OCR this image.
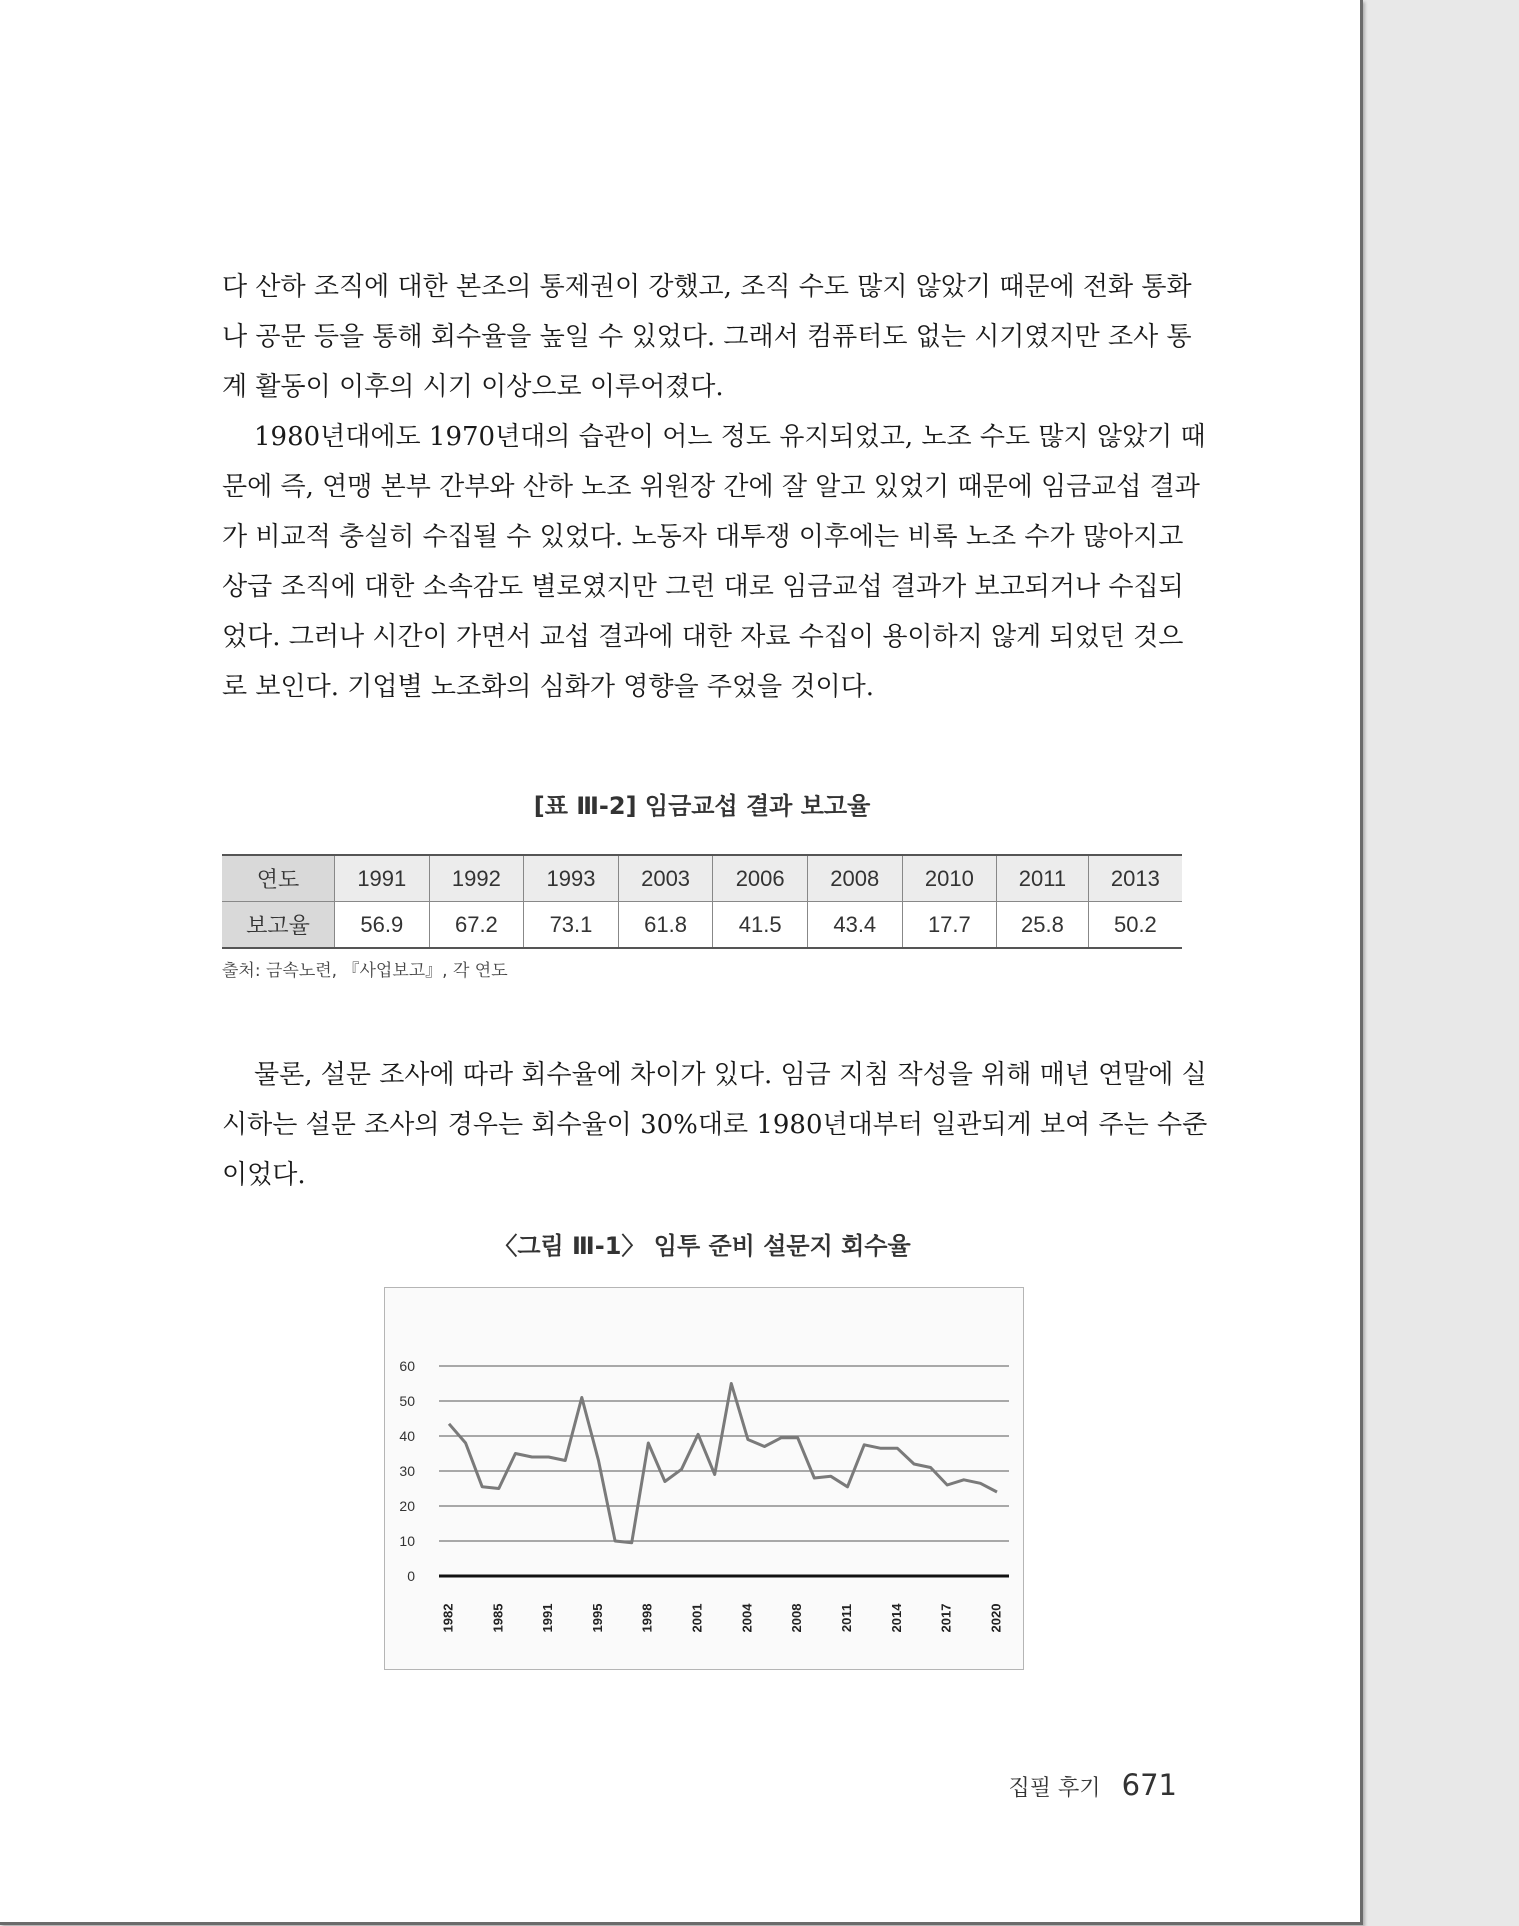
다 산하 조직에 대한 본조의 통제권이 강했고, 조직 수도 많지 않았기 때문에 전화 통화
나 공문 등을 통해 회수율을 높일 수 있었다. 그래서 컴퓨터도 없는 시기였지만 조사 통
계 활동이 이후의 시기 이상으로 이루어졌다.

1980년대에도 1970년대의 습관이 어느 정도 유지되었고, 노조 수도 많지 않았기 때
문에 즉, 연맹 본부 간부와 산하 노조 위원장 간에 잘 알고 있었기 때문에 임금교섭 결과
가 비교적 충실히 수집될 수 있었다. 노동자 대투쟁 이후에는 비록 노조 수가 많아지고
상급 조직에 대한 소속감도 별로였지만 그런 대로 임금교섭 결과가 보고되거나 수집되
었다. 그러나 시간이 가면서 교섭 결과에 대한 자료 수집이 용이하지 않게 되었던 것으
로 보인다. 기업별 노조화의 심화가 영향을 주었을 것이다.

[표 Ⅲ-2] 임금교섭 결과 보고율
연도	1991	1992	1993	2003	2006	2008	2010	2011	2013
보고율	56.9	67.2	73.1	61.8	41.5	43.4	17.7	25.8	50.2
출처: 금속노련, 『사업보고』, 각 연도

물론, 설문 조사에 따라 회수율에 차이가 있다. 임금 지침 작성을 위해 매년 연말에 실
시하는 설문 조사의 경우는 회수율이 30%대로 1980년대부터 일관되게 보여 주는 수준
이었다.

〈그림 Ⅲ-1〉 임투 준비 설문지 회수율
0
10
20
30
40
50
60
1982	1985	1991	1995	1998	2001	2004	2008	2011	2014	2017	2020
집필 후기 671
